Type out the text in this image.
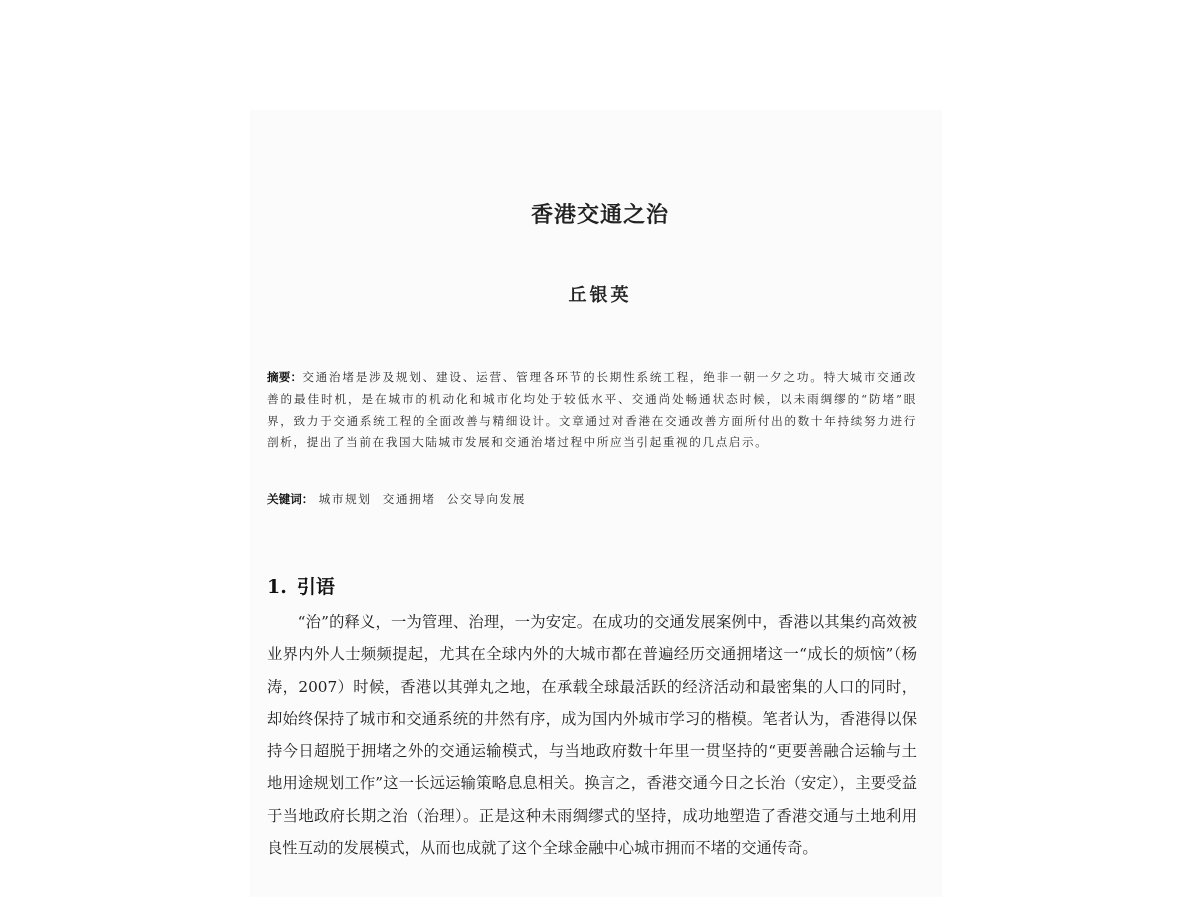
香港交通之治
丘银英
摘要：交通治堵是涉及规划、建设、运营、管理各环节的长期性系统工程，绝非一朝一夕之功。特大城市交通改善的最佳时机，是在城市的机动化和城市化均处于较低水平、交通尚处畅通状态时候，以未雨绸缪的“防堵”眼界，致力于交通系统工程的全面改善与精细设计。文章通过对香港在交通改善方面所付出的数十年持续努力进行剖析，提出了当前在我国大陆城市发展和交通治堵过程中所应当引起重视的几点启示。
关键词： 城市规划 交通拥堵 公交导向发展
1. 引语

“治”的释义，一为管理、治理，一为安定。在成功的交通发展案例中，香港以其集约高效被业界内外人士频频提起，尤其在全球内外的大城市都在普遍经历交通拥堵这一“成长的烦恼”（杨涛，2007）时候，香港以其弹丸之地，在承载全球最活跃的经济活动和最密集的人口的同时，却始终保持了城市和交通系统的井然有序，成为国内外城市学习的楷模。笔者认为，香港得以保持今日超脱于拥堵之外的交通运输模式，与当地政府数十年里一贯坚持的“更要善融合运输与土地用途规划工作”这一长远运输策略息息相关。换言之，香港交通今日之长治（安定），主要受益于当地政府长期之治（治理）。正是这种未雨绸缪式的坚持，成功地塑造了香港交通与土地利用良性互动的发展模式，从而也成就了这个全球金融中心城市拥而不堵的交通传奇。
